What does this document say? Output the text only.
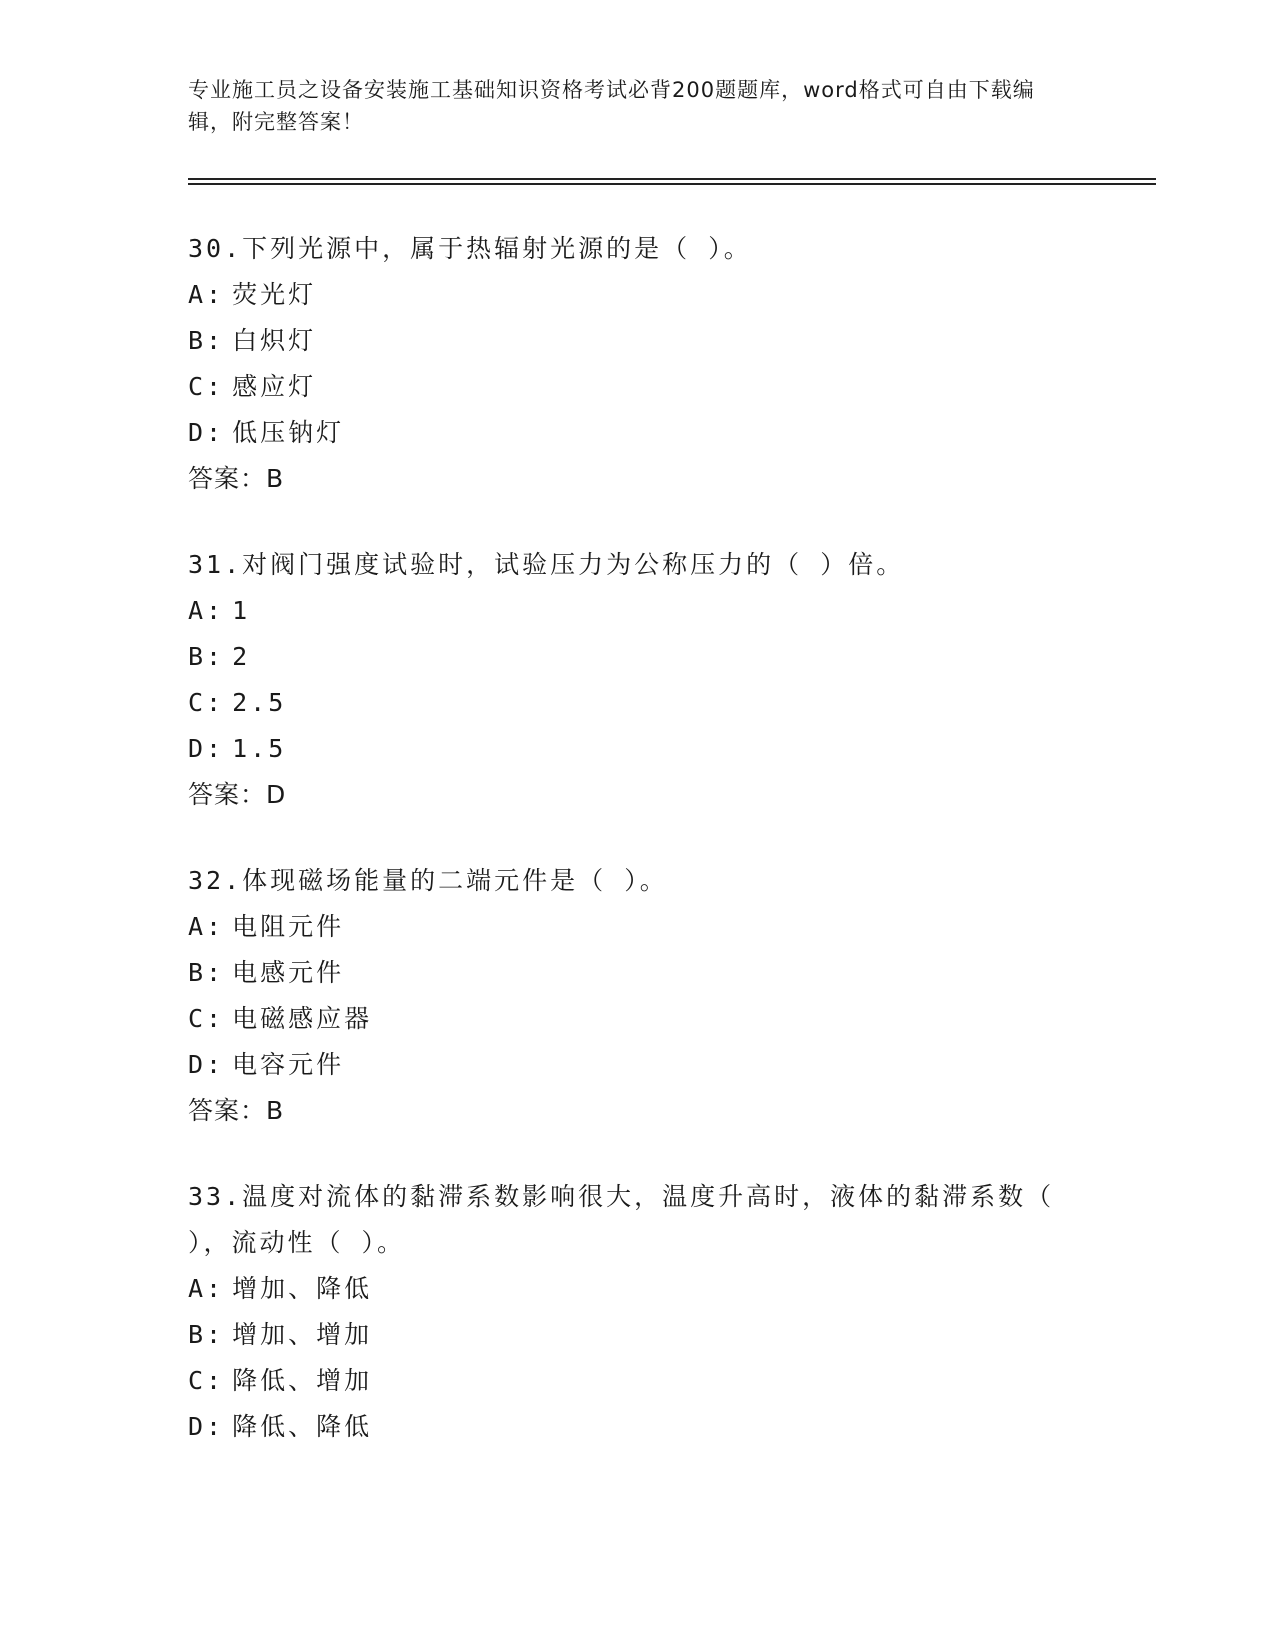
专业施工员之设备安装施工基础知识资格考试必背200题题库，word格式可自由下载编辑，附完整答案！
30.下列光源中，属于热辐射光源的是（ ）。
A: 荧光灯
B: 白炽灯
C: 感应灯
D: 低压钠灯
答案：B
31.对阀门强度试验时，试验压力为公称压力的（ ）倍。
A: 1
B: 2
C: 2.5
D: 1.5
答案：D
32.体现磁场能量的二端元件是（ ）。
A: 电阻元件
B: 电感元件
C: 电磁感应器
D: 电容元件
答案：B
33.温度对流体的黏滞系数影响很大，温度升高时，液体的黏滞系数（ ），流动性（ ）。
A: 增加、降低
B: 增加、增加
C: 降低、增加
D: 降低、降低
